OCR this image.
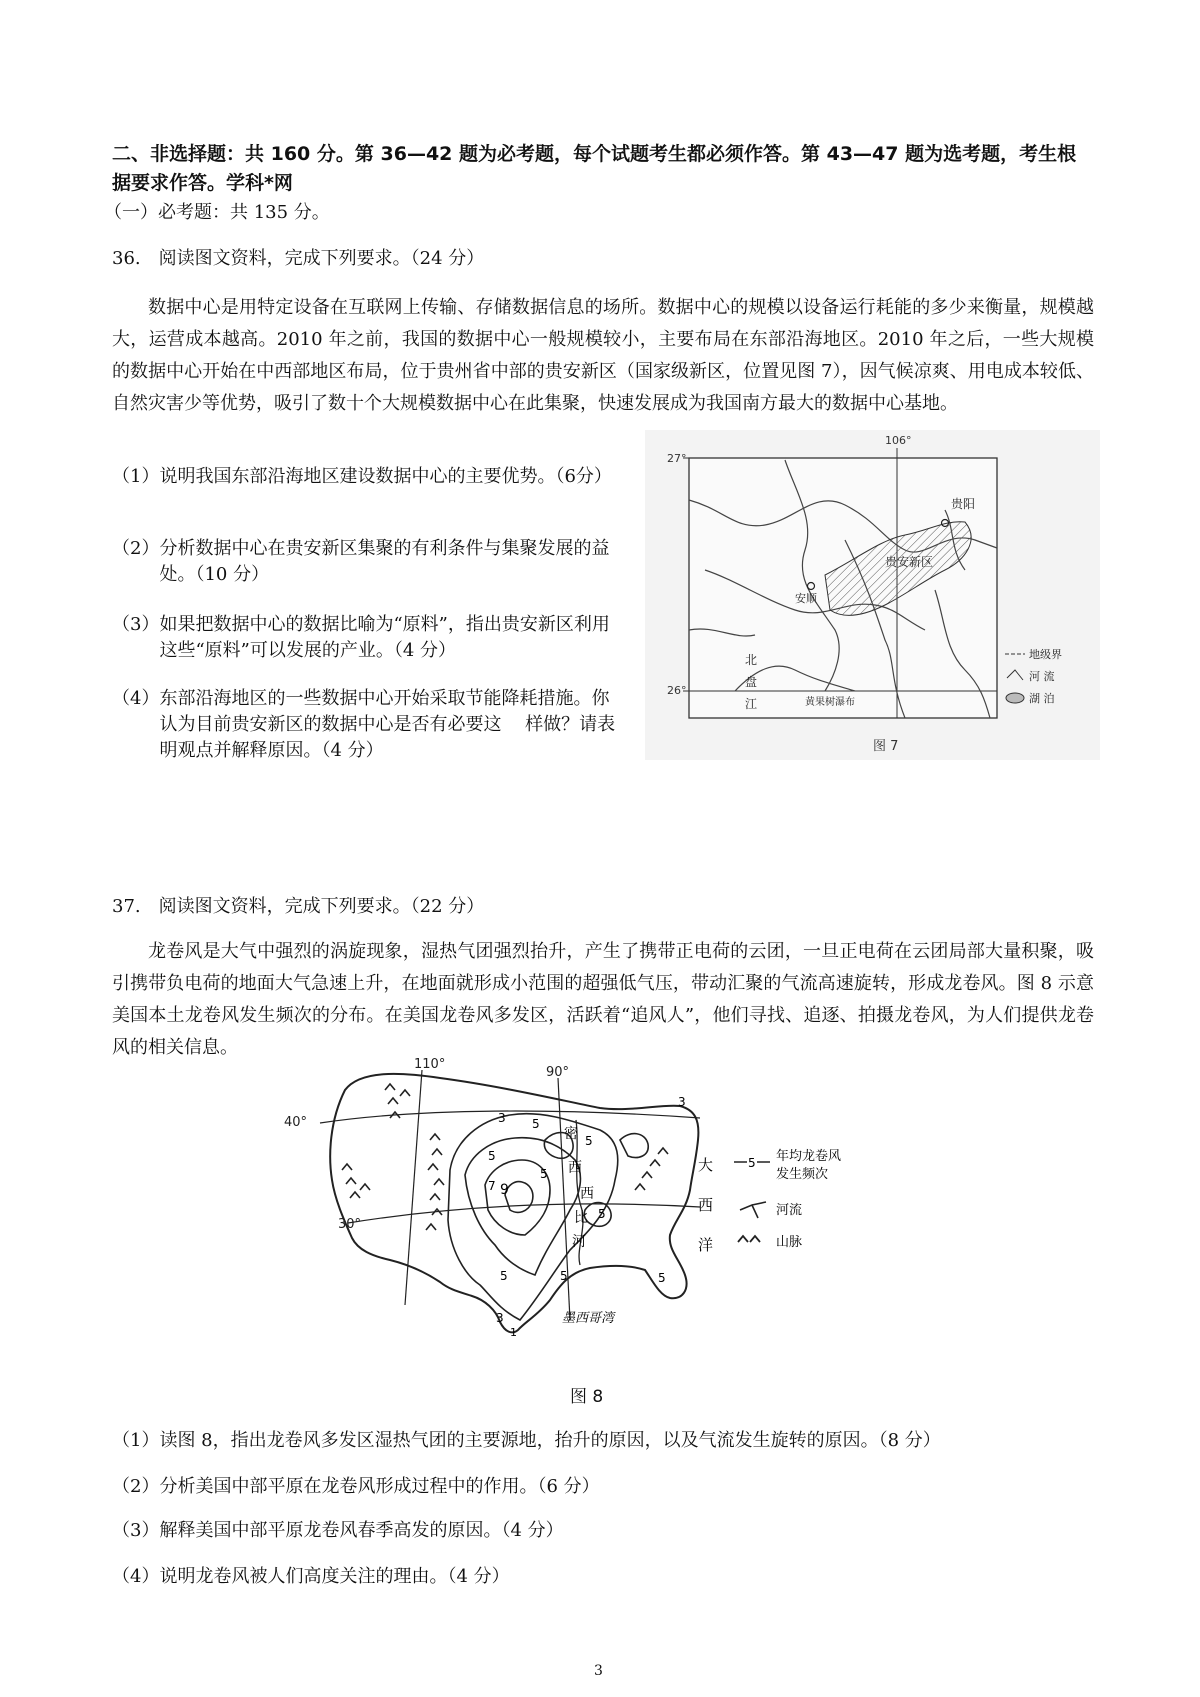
二、非选择题：共 160 分。第 36—42 题为必考题，每个试题考生都必须作答。第 43—47 题为选考题，考生根据要求作答。学科*网
（一）必考题：共 135 分。
36.　阅读图文资料，完成下列要求。（24 分）
数据中心是用特定设备在互联网上传输、存储数据信息的场所。数据中心的规模以设备运行耗能的多少来衡量，规模越大，运营成本越高。2010 年之前，我国的数据中心一般规模较小，主要布局在东部沿海地区。2010 年之后，一些大规模的数据中心开始在中西部地区布局，位于贵州省中部的贵安新区（国家级新区，位置见图 7），因气候凉爽、用电成本较低、自然灾害少等优势，吸引了数十个大规模数据中心在此集聚，快速发展成为我国南方最大的数据中心基地。
（1） 说明我国东部沿海地区建设数据中心的主要优势。（6分）
（2） 分析数据中心在贵安新区集聚的有利条件与集聚发展的益处。（10 分）
（3） 如果把数据中心的数据比喻为“原料”，指出贵安新区利用这些“原料”可以发展的产业。（4 分）
（4） 东部沿海地区的一些数据中心开始采取节能降耗措施。你认为目前贵安新区的数据中心是否有必要这　 样做？请表明观点并解释原因。（4 分）
106°
27°
26°
贵阳
安顺
贵安新区
北
盘
江	黄果树瀑布
图 7
地级界
河 流
湖 泊
37.　阅读图文资料，完成下列要求。（22 分）
龙卷风是大气中强烈的涡旋现象，湿热气团强烈抬升，产生了携带正电荷的云团，一旦正电荷在云团局部大量积聚，吸引携带负电荷的地面大气急速上升，在地面就形成小范围的超强低气压，带动汇聚的气流高速旋转，形成龙卷风。图 8 示意美国本土龙卷风发生频次的分布。在美国龙卷风多发区，活跃着“追风人”，他们寻找、追逐、拍摄龙卷风，为人们提供龙卷风的相关信息。
110°
90°
40°
30°
3 5
5
5
5
5
7 9
5	5	5
3
3
1
密
西
西
比
河
大
西
洋
墨西哥湾
5 年均龙卷风
发生频次
河流
山脉
图 8
（1） 读图 8，指出龙卷风多发区湿热气团的主要源地，抬升的原因，以及气流发生旋转的原因。（8 分）
（2） 分析美国中部平原在龙卷风形成过程中的作用。（6 分）
（3） 解释美国中部平原龙卷风春季高发的原因。（4 分）
（4） 说明龙卷风被人们高度关注的理由。（4 分）
3
